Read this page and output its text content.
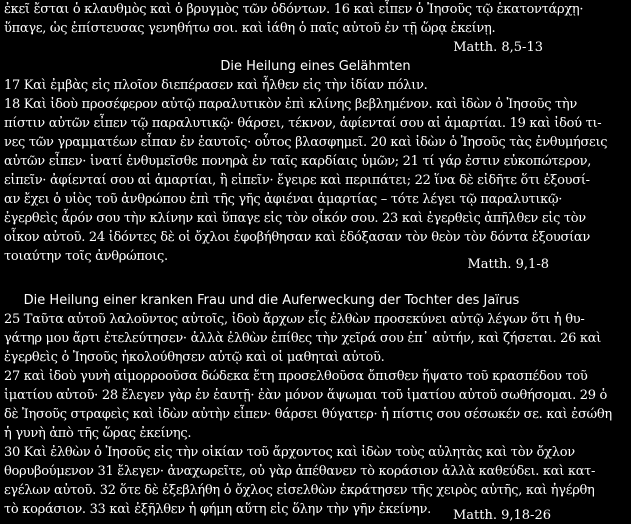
ἐκεῖ ἔσται ὁ κλαυθμὸς καὶ ὁ βρυγμὸς τῶν ὀδόντων. 16 καὶ εἶπεν ὁ Ἰησοῦς τῷ ἑκατοντάρχῃ·
ὕπαγε, ὡς ἐπίστευσας γενηθήτω σοι. καὶ ἰάθη ὁ παῖς αὐτοῦ ἐν τῇ ὥρᾳ ἐκείνῃ.
Matth. 8,5-13
Die Heilung eines Gelähmten
17 Καὶ ἐμβὰς εἰς πλοῖον διεπέρασεν καὶ ἦλθεν εἰς τὴν ἰδίαν πόλιν.
18 Καὶ ἰδοὺ προσέφερον αὐτῷ παραλυτικὸν ἐπὶ κλίνης βεβλημένον. καὶ ἰδὼν ὁ Ἰησοῦς τὴν
πίστιν αὐτῶν εἶπεν τῷ παραλυτικῷ· θάρσει, τέκνον, ἀφίενταί σου αἱ ἁμαρτίαι. 19 καὶ ἰδού τι-
νες τῶν γραμματέων εἶπαν ἐν ἑαυτοῖς· οὗτος βλασφημεῖ. 20 καὶ ἰδὼν ὁ Ἰησοῦς τὰς ἐνθυμήσεις
αὐτῶν εἶπεν· ἱνατί ἐνθυμεῖσθε πονηρὰ ἐν ταῖς καρδίαις ὑμῶν; 21 τί γάρ ἐστιν εὐκοπώτερον,
εἰπεῖν· ἀφίενταί σου αἱ ἁμαρτίαι, ἢ εἰπεῖν· ἔγειρε καὶ περιπάτει; 22 ἵνα δὲ εἰδῆτε ὅτι ἐξουσί-
αν ἔχει ὁ υἱὸς τοῦ ἀνθρώπου ἐπὶ τῆς γῆς ἀφιέναι ἁμαρτίας – τότε λέγει τῷ παραλυτικῷ·
ἐγερθεὶς ἆρόν σου τὴν κλίνην καὶ ὕπαγε εἰς τὸν οἶκόν σου. 23 καὶ ἐγερθεὶς ἀπῆλθεν εἰς τὸν
οἶκον αὐτοῦ. 24 ἰδόντες δὲ οἱ ὄχλοι ἐφοβήθησαν καὶ ἐδόξασαν τὸν θεὸν τὸν δόντα ἐξουσίαν
τοιαύτην τοῖς ἀνθρώποις.
Matth. 9,1-8
Die Heilung einer kranken Frau und die Auferweckung der Tochter des Jaïrus
25 Ταῦτα αὐτοῦ λαλοῦντος αὐτοῖς, ἰδοὺ ἄρχων εἷς ἐλθὼν προσεκύνει αὐτῷ λέγων ὅτι ἡ θυ-
γάτηρ μου ἄρτι ἐτελεύτησεν· ἀλλὰ ἐλθὼν ἐπίθες τὴν χεῖρά σου ἐπ᾽ αὐτήν, καὶ ζήσεται. 26 καὶ
ἐγερθεὶς ὁ Ἰησοῦς ἠκολούθησεν αὐτῷ καὶ οἱ μαθηταὶ αὐτοῦ.
27 καὶ ἰδοὺ γυνὴ αἱμορροοῦσα δώδεκα ἔτη προσελθοῦσα ὄπισθεν ἥψατο τοῦ κρασπέδου τοῦ
ἱματίου αὐτοῦ· 28 ἔλεγεν γὰρ ἐν ἑαυτῇ· ἐὰν μόνον ἅψωμαι τοῦ ἱματίου αὐτοῦ σωθήσομαι. 29 ὁ
δὲ Ἰησοῦς στραφεὶς καὶ ἰδὼν αὐτὴν εἶπεν· θάρσει θύγατερ· ἡ πίστις σου σέσωκέν σε. καὶ ἐσώθη
ἡ γυνὴ ἀπὸ τῆς ὥρας ἐκείνης.
30 Καὶ ἐλθὼν ὁ Ἰησοῦς εἰς τὴν οἰκίαν τοῦ ἄρχοντος καὶ ἰδὼν τοὺς αὐλητὰς καὶ τὸν ὄχλον
θορυβούμενον 31 ἔλεγεν· ἀναχωρεῖτε, οὐ γὰρ ἀπέθανεν τὸ κοράσιον ἀλλὰ καθεύδει. καὶ κατ-
εγέλων αὐτοῦ. 32 ὅτε δὲ ἐξεβλήθη ὁ ὄχλος εἰσελθὼν ἐκράτησεν τῆς χειρὸς αὐτῆς, καὶ ἠγέρθη
τὸ κοράσιον. 33 καὶ ἐξῆλθεν ἡ φήμη αὕτη εἰς ὅλην τὴν γῆν ἐκείνην. Matth. 9,18-26
